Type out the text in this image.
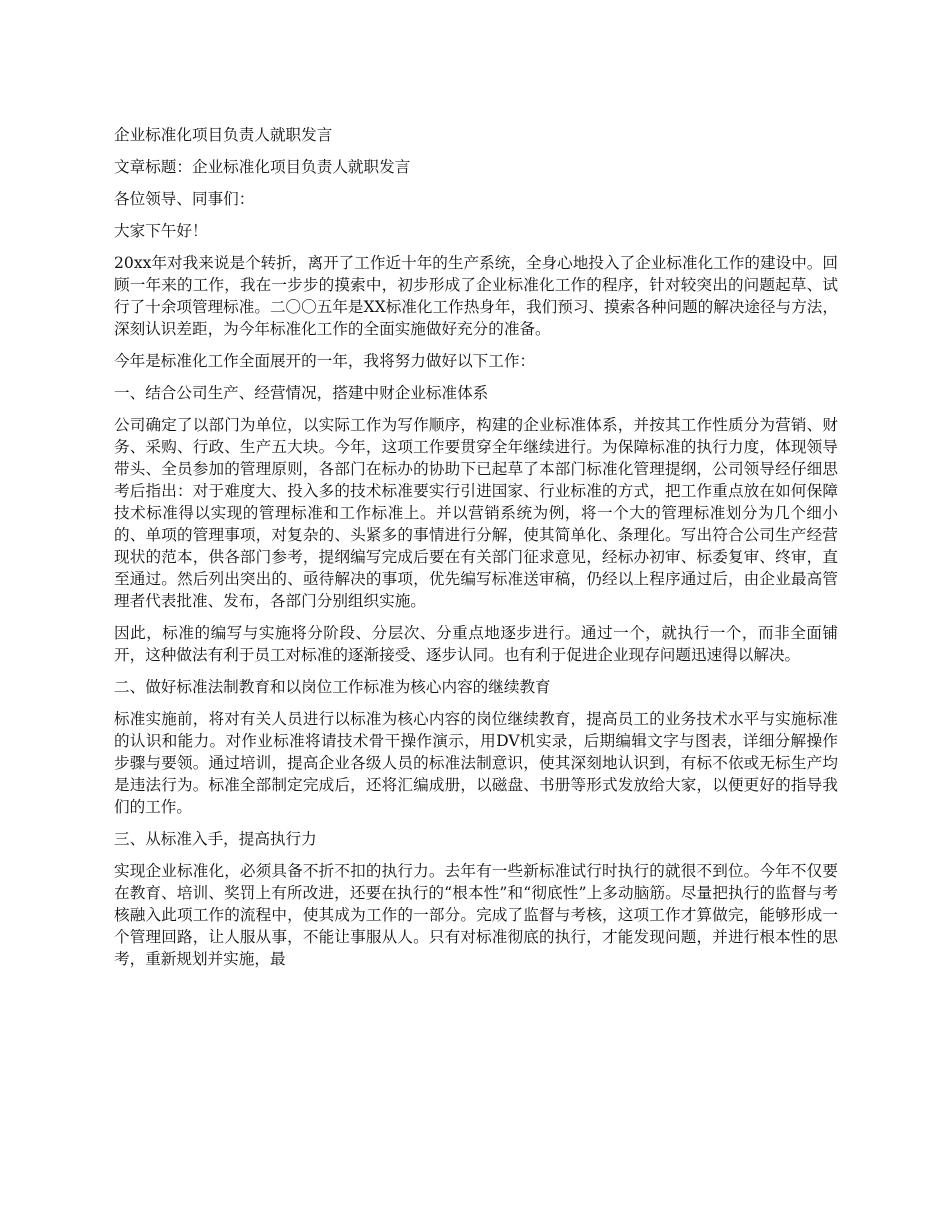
企业标准化项目负责人就职发言

文章标题：企业标准化项目负责人就职发言

各位领导、同事们：

大家下午好！

20xx年对我来说是个转折，离开了工作近十年的生产系统，全身心地投入了企业标准化工作的建设中。回顾一年来的工作，我在一步步的摸索中，初步形成了企业标准化工作的程序，针对较突出的问题起草、试行了十余项管理标准。二〇〇五年是XX标准化工作热身年，我们预习、摸索各种问题的解决途径与方法，深刻认识差距，为今年标准化工作的全面实施做好充分的准备。

今年是标准化工作全面展开的一年，我将努力做好以下工作：

一、结合公司生产、经营情况，搭建中财企业标准体系

公司确定了以部门为单位，以实际工作为写作顺序，构建的企业标准体系，并按其工作性质分为营销、财务、采购、行政、生产五大块。今年，这项工作要贯穿全年继续进行。为保障标准的执行力度，体现领导带头、全员参加的管理原则，各部门在标办的协助下已起草了本部门标准化管理提纲，公司领导经仔细思考后指出：对于难度大、投入多的技术标准要实行引进国家、行业标准的方式，把工作重点放在如何保障技术标准得以实现的管理标准和工作标准上。并以营销系统为例，将一个大的管理标准划分为几个细小的、单项的管理事项，对复杂的、头紧多的事情进行分解，使其简单化、条理化。写出符合公司生产经营现状的范本，供各部门参考，提纲编写完成后要在有关部门征求意见，经标办初审、标委复审、终审，直至通过。然后列出突出的、亟待解决的事项，优先编写标准送审稿，仍经以上程序通过后，由企业最高管理者代表批准、发布，各部门分别组织实施。

因此，标准的编写与实施将分阶段、分层次、分重点地逐步进行。通过一个，就执行一个，而非全面铺开，这种做法有利于员工对标准的逐渐接受、逐步认同。也有利于促进企业现存问题迅速得以解决。

二、做好标准法制教育和以岗位工作标准为核心内容的继续教育

标准实施前，将对有关人员进行以标准为核心内容的岗位继续教育，提高员工的业务技术水平与实施标准的认识和能力。对作业标准将请技术骨干操作演示，用DV机实录，后期编辑文字与图表，详细分解操作步骤与要领。通过培训，提高企业各级人员的标准法制意识，使其深刻地认识到，有标不依或无标生产均是违法行为。标准全部制定完成后，还将汇编成册，以磁盘、书册等形式发放给大家，以便更好的指导我们的工作。

三、从标准入手，提高执行力

实现企业标准化，必须具备不折不扣的执行力。去年有一些新标准试行时执行的就很不到位。今年不仅要在教育、培训、奖罚上有所改进，还要在执行的“根本性”和“彻底性”上多动脑筋。尽量把执行的监督与考核融入此项工作的流程中，使其成为工作的一部分。完成了监督与考核，这项工作才算做完，能够形成一个管理回路，让人服从事，不能让事服从人。只有对标准彻底的执行，才能发现问题，并进行根本性的思考，重新规划并实施，最
